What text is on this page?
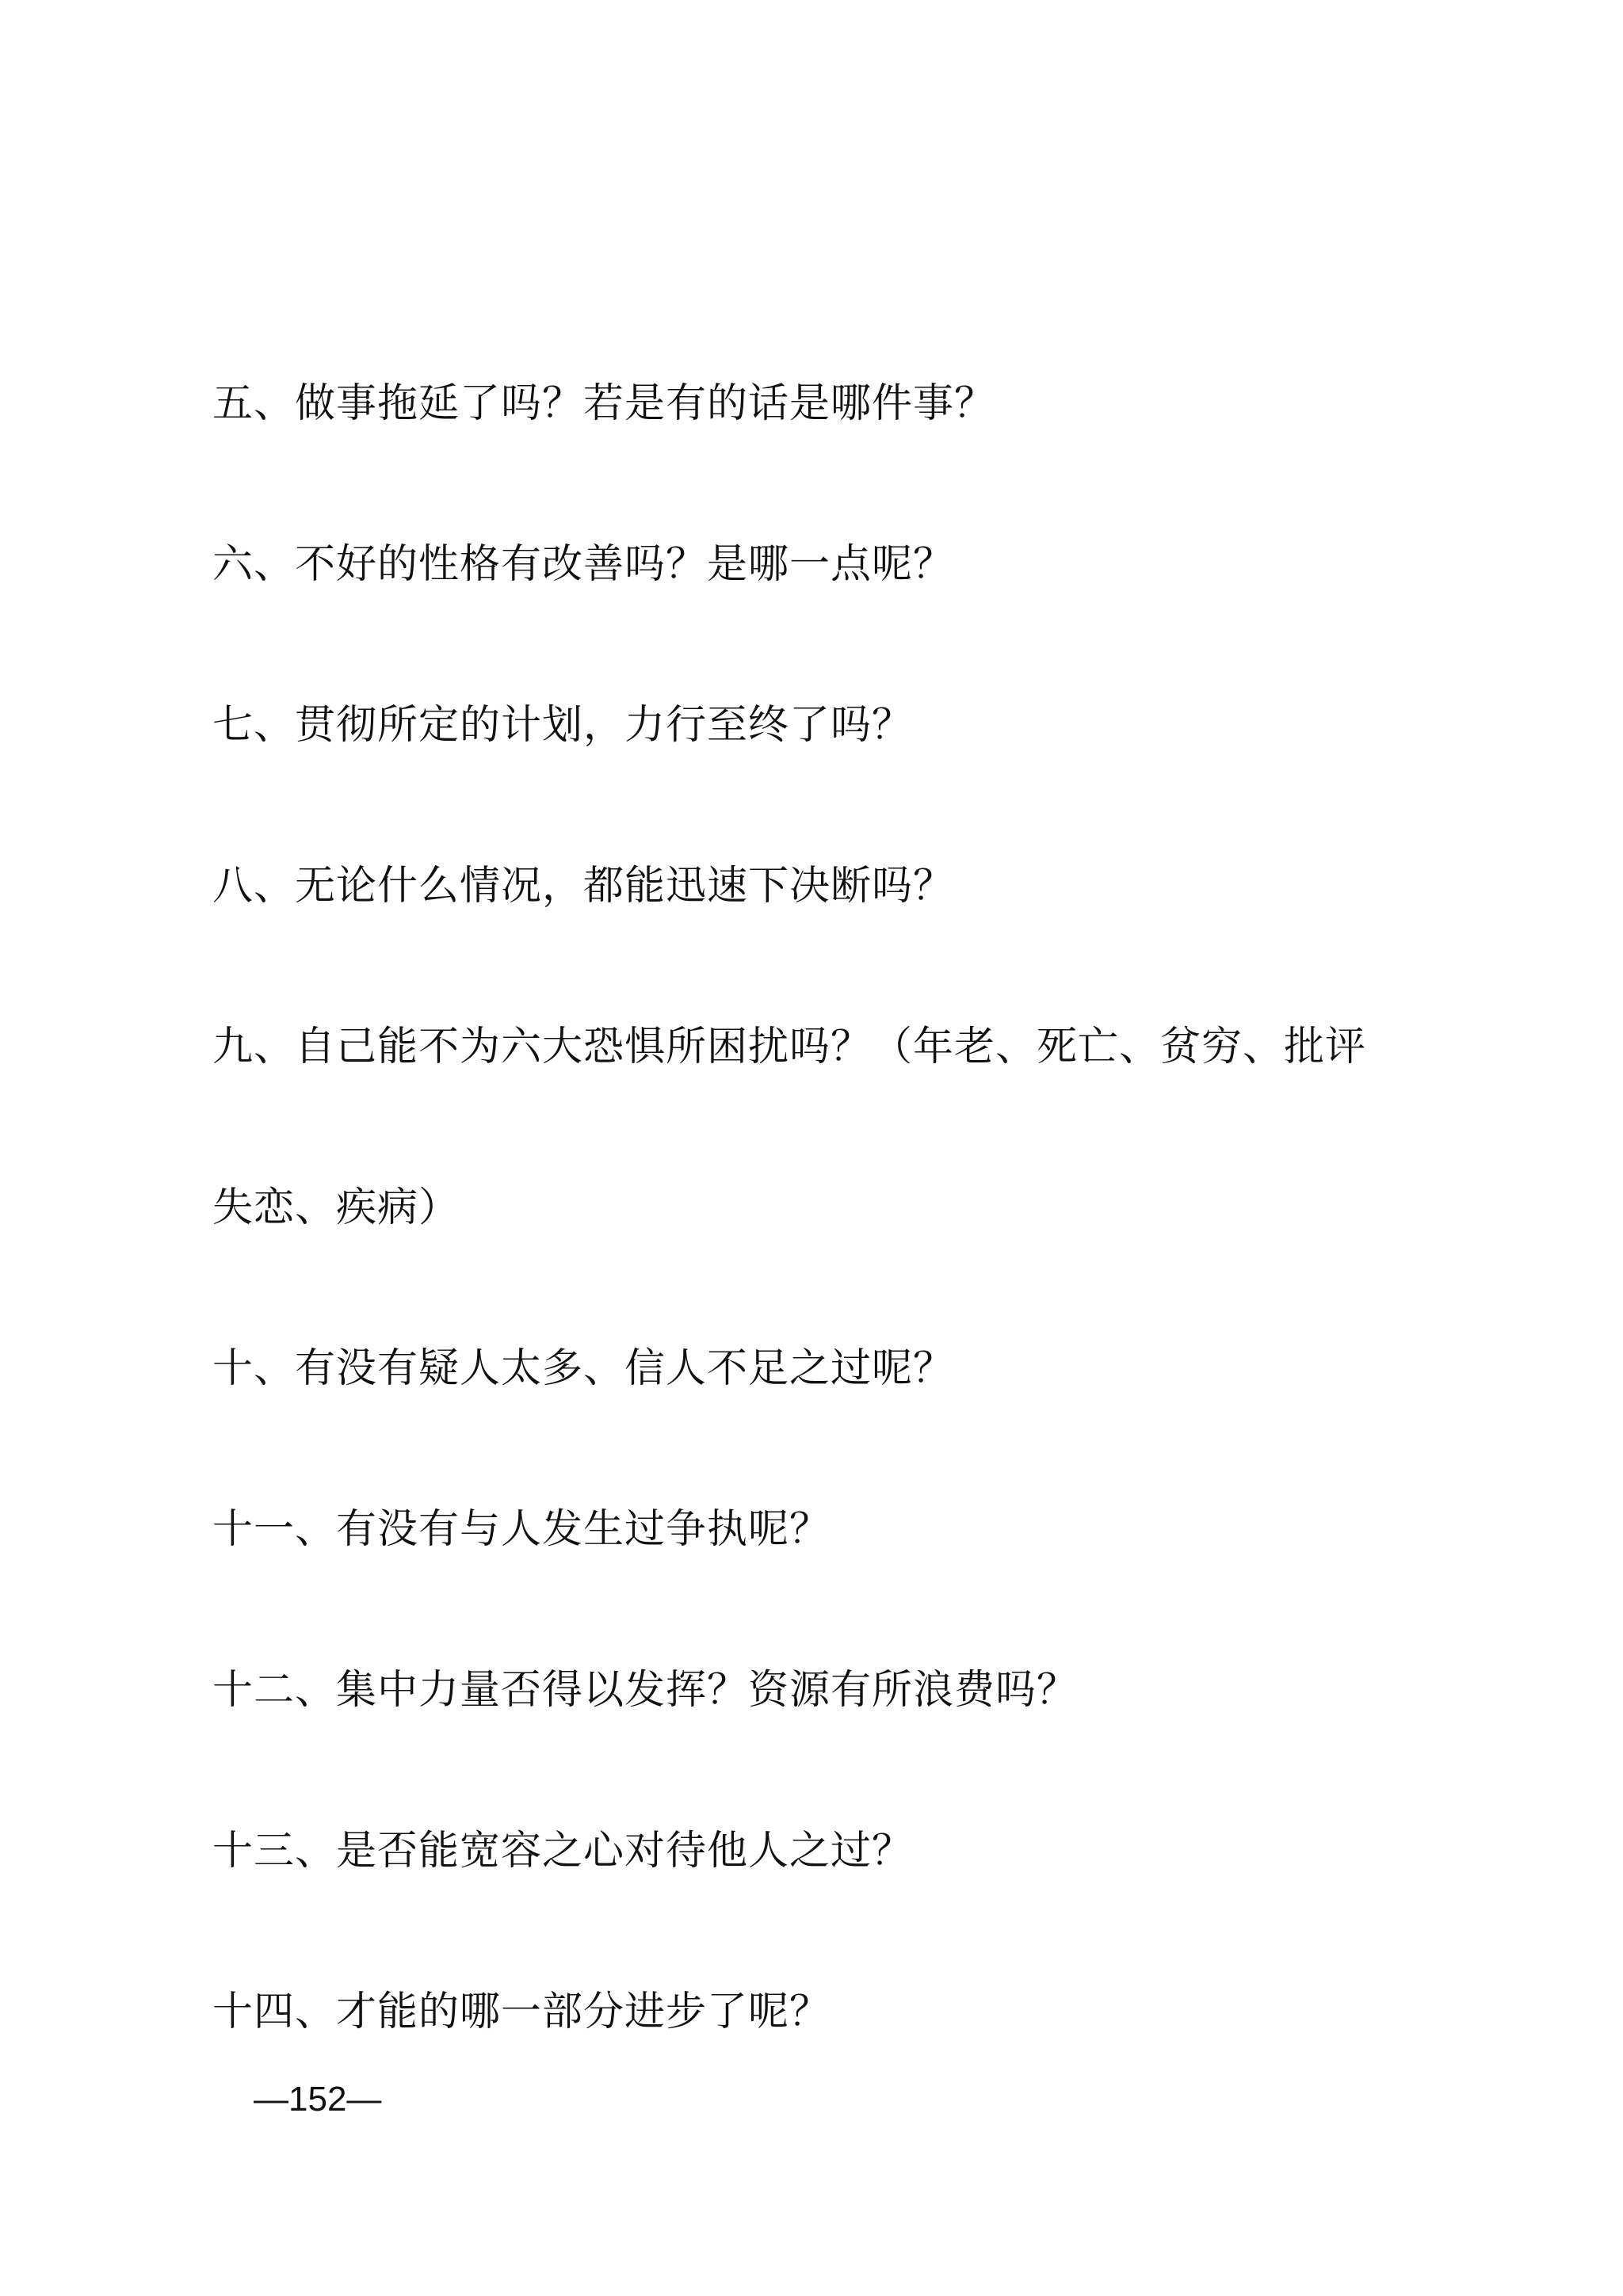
五、做事拖延了吗？若是有的话是哪件事？
六、不好的性格有改善吗？是哪一点呢？
七、贯彻所定的计划，力行至终了吗？
八、无论什么情况，都能迅速下决断吗？
九、自己能不为六大恐惧所困扰吗？（年老、死亡、贫穷、批评
失恋、疾病）
十、有没有疑人太多、信人不足之过呢？
十一、有没有与人发生过争执呢？
十二、集中力量否得以发挥？资源有所浪费吗？
十三、是否能宽容之心对待他人之过？
十四、才能的哪一部分进步了呢？
—152—
